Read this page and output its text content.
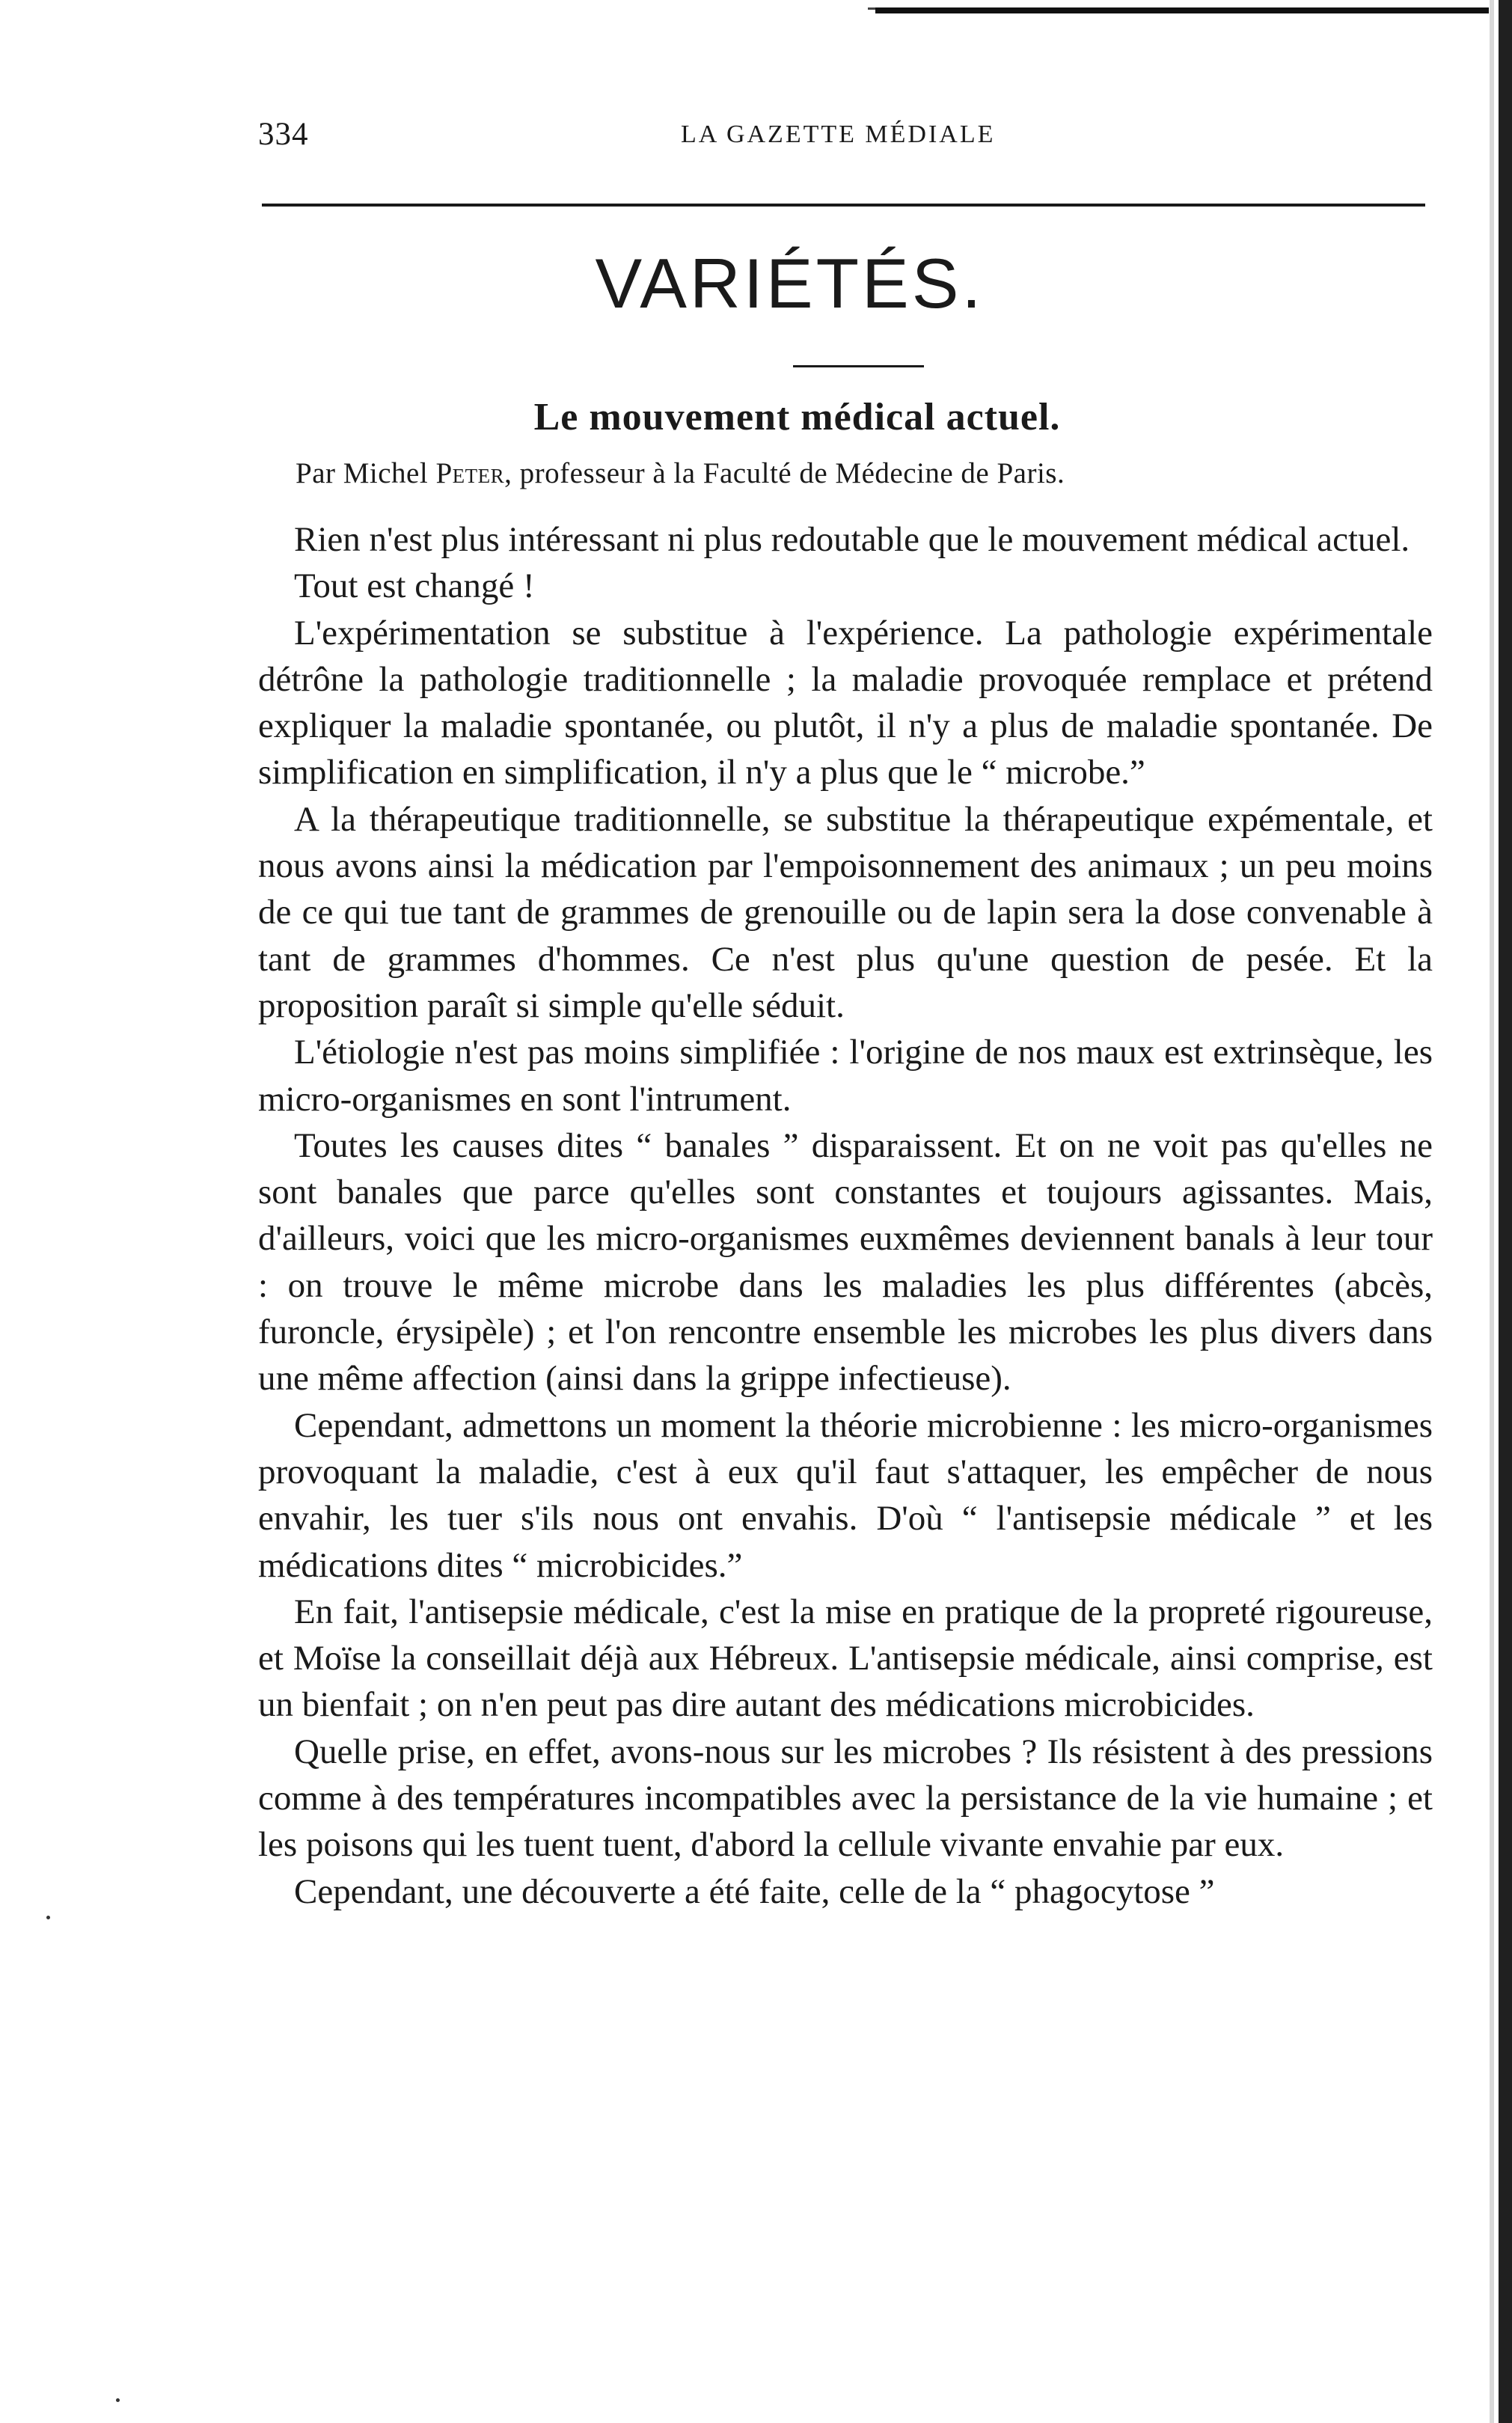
334	LA GAZETTE MÉDIALE
VARIÉTÉS.
Le mouvement médical actuel.
Par Michel Peter, professeur à la Faculté de Médecine de Paris.

Rien n'est plus intéressant ni plus redoutable que le mouvement médical actuel.

Tout est changé !

L'expérimentation se substitue à l'expérience. La pathologie expérimentale détrône la pathologie traditionnelle ; la maladie provoquée remplace et prétend expliquer la maladie spontanée, ou plutôt, il n'y a plus de maladie spontanée. De simplification en simplification, il n'y a plus que le “ microbe.”

A la thérapeutique traditionnelle, se substitue la thérapeutique expémentale, et nous avons ainsi la médication par l'empoisonnement des animaux ; un peu moins de ce qui tue tant de grammes de grenouille ou de lapin sera la dose convenable à tant de grammes d'hommes. Ce n'est plus qu'une question de pesée. Et la proposition paraît si simple qu'elle séduit.

L'étiologie n'est pas moins simplifiée : l'origine de nos maux est extrinsèque, les micro-organismes en sont l'intrument.

Toutes les causes dites “ banales ” disparaissent. Et on ne voit pas qu'elles ne sont banales que parce qu'elles sont constantes et toujours agissantes. Mais, d'ailleurs, voici que les micro-organismes euxmêmes deviennent banals à leur tour : on trouve le même microbe dans les maladies les plus différentes (abcès, furoncle, érysipèle) ; et l'on rencontre ensemble les microbes les plus divers dans une même affection (ainsi dans la grippe infectieuse).

Cependant, admettons un moment la théorie microbienne : les micro-organismes provoquant la maladie, c'est à eux qu'il faut s'attaquer, les empêcher de nous envahir, les tuer s'ils nous ont envahis. D'où “ l'antisepsie médicale ” et les médications dites “ microbicides.”

En fait, l'antisepsie médicale, c'est la mise en pratique de la propreté rigoureuse, et Moïse la conseillait déjà aux Hébreux. L'antisepsie médicale, ainsi comprise, est un bienfait ; on n'en peut pas dire autant des médications microbicides.

Quelle prise, en effet, avons-nous sur les microbes ? Ils résistent à des pressions comme à des températures incompatibles avec la persistance de la vie humaine ; et les poisons qui les tuent tuent, d'abord la cellule vivante envahie par eux.

Cependant, une découverte a été faite, celle de la “ phagocytose ”
